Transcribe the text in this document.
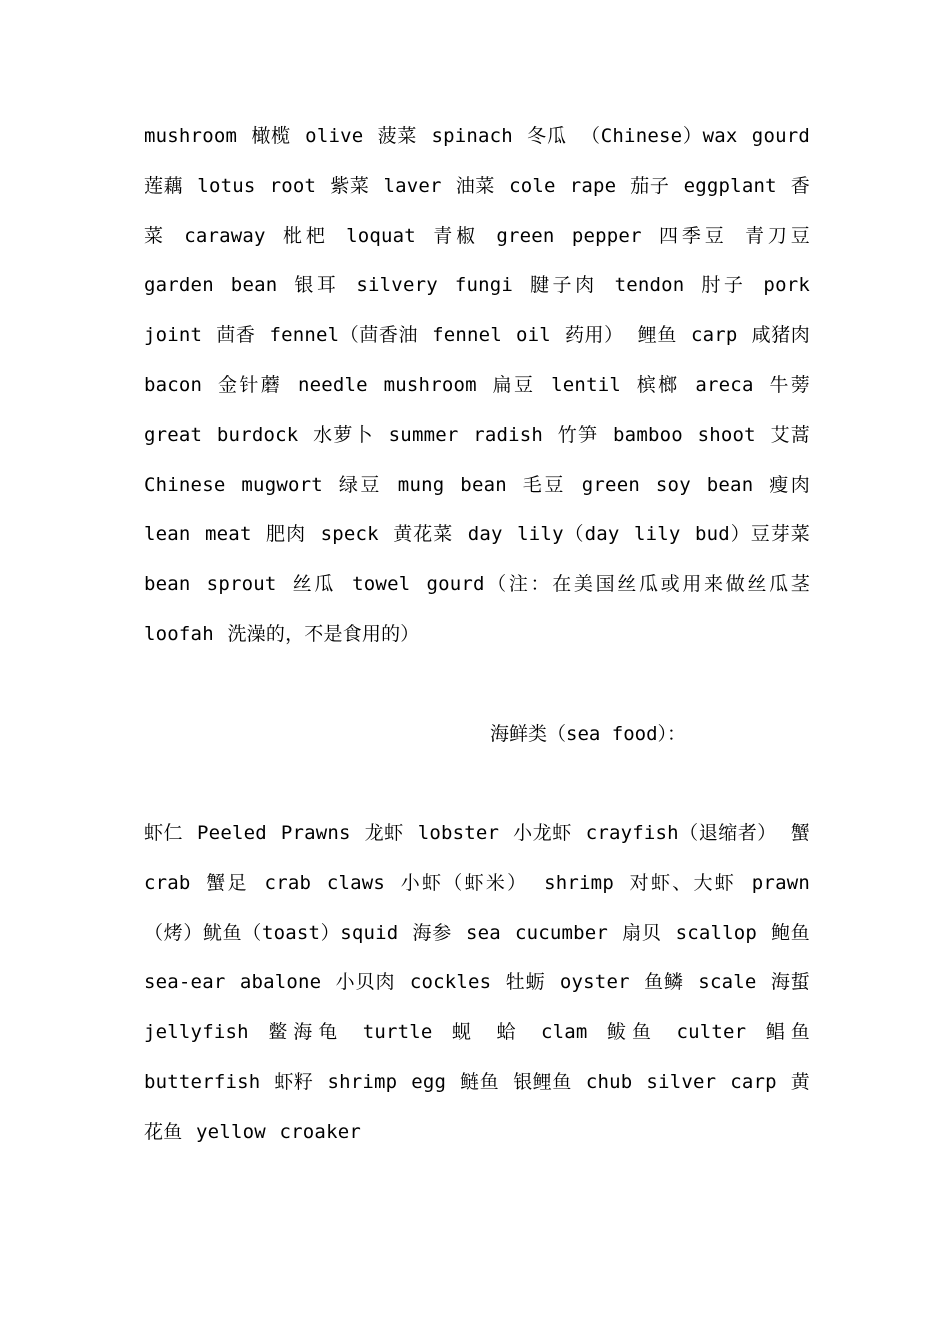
mushroom 橄榄 olive 菠菜 spinach 冬瓜 （Chinese）wax gourd 莲藕 lotus root 紫菜 laver 油菜 cole rape 茄子 eggplant 香菜 caraway 枇杷 loquat 青椒 green pepper 四季豆 青刀豆 garden bean 银耳 silvery fungi 腱子肉 tendon 肘子 pork joint 茴香 fennel（茴香油 fennel oil 药用） 鲤鱼 carp 咸猪肉 bacon 金针蘑 needle mushroom 扁豆 lentil 槟榔 areca 牛蒡 great burdock 水萝卜 summer radish 竹笋 bamboo shoot 艾蒿 Chinese mugwort 绿豆 mung bean 毛豆 green soy bean 瘦肉 lean meat 肥肉 speck 黄花菜 day lily（day lily bud）豆芽菜 bean sprout 丝瓜 towel gourd（注：在美国丝瓜或用来做丝瓜茎 loofah 洗澡的，不是食用的）

海鲜类（sea food）：

虾仁 Peeled Prawns 龙虾 lobster 小龙虾 crayfish（退缩者） 蟹 crab 蟹足 crab claws 小虾（虾米） shrimp 对虾、大虾 prawn （烤）鱿鱼（toast）squid 海参 sea cucumber 扇贝 scallop 鲍鱼 sea-ear abalone 小贝肉 cockles 牡蛎 oyster 鱼鳞 scale 海蜇 jellyfish 鳖海龟 turtle 蚬 蛤 clam 鲅鱼 culter 鲳鱼 butterfish 虾籽 shrimp egg 鲢鱼 银鲤鱼 chub silver carp 黄花鱼 yellow croaker
